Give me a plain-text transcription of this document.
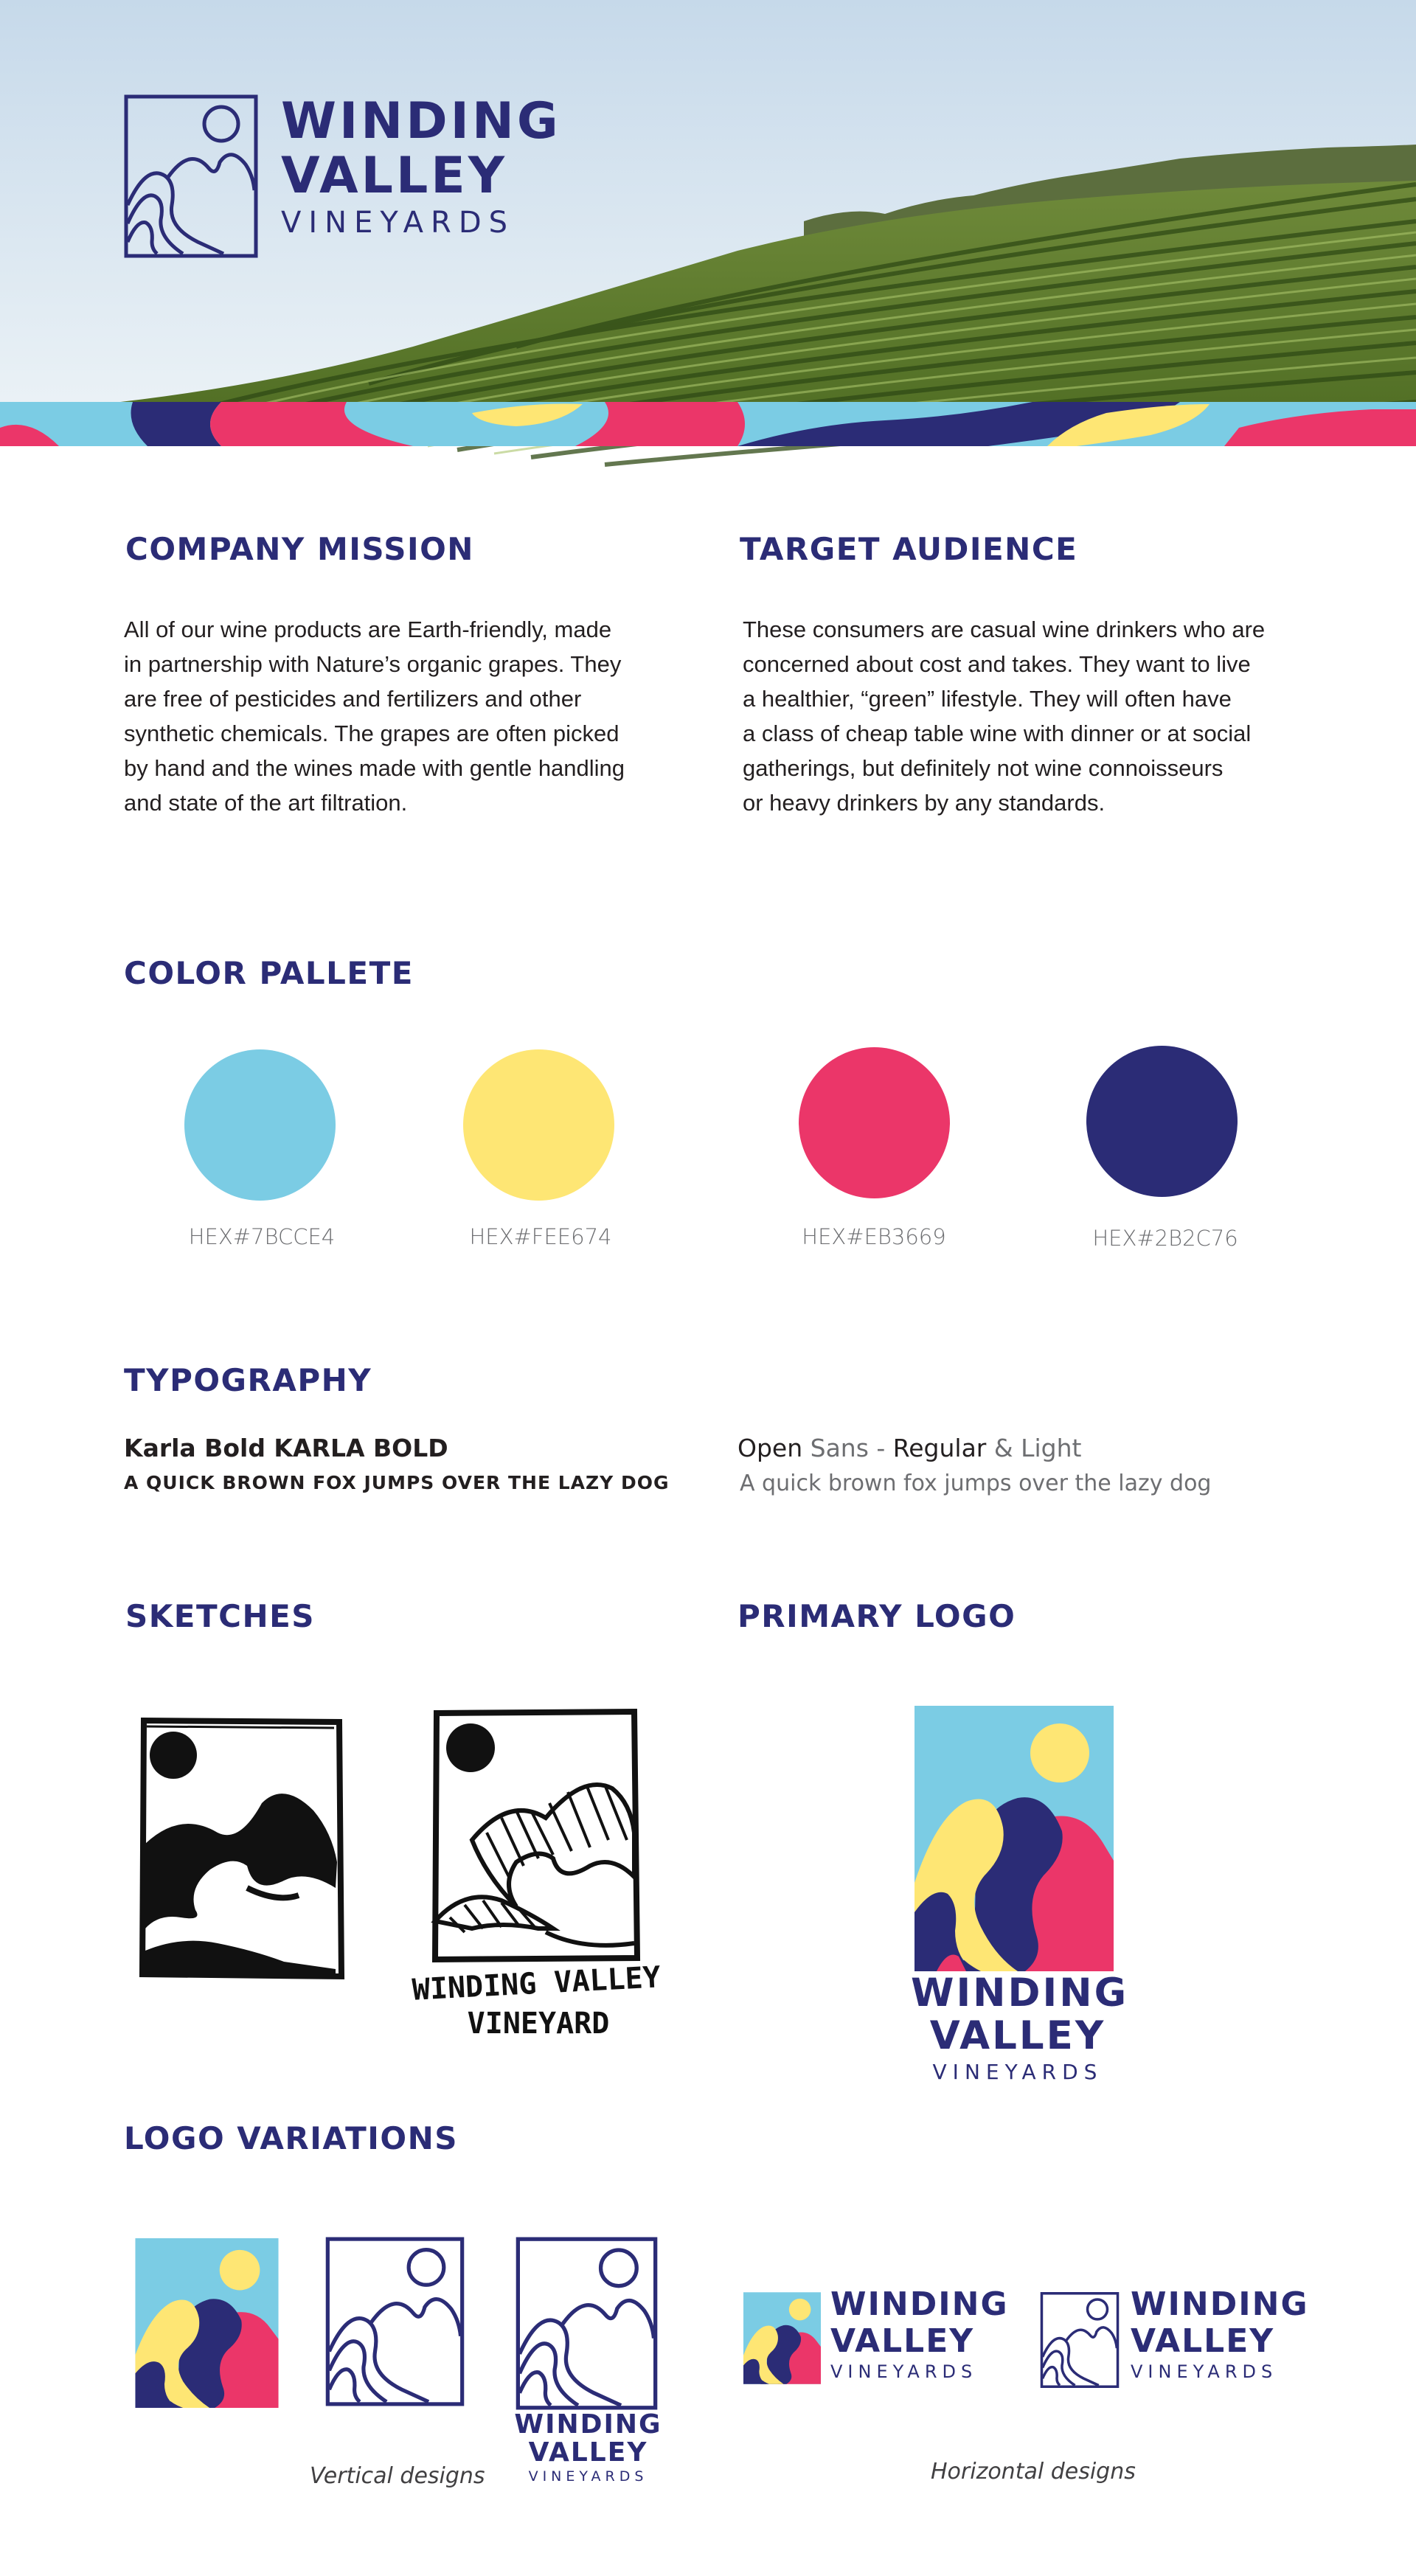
WINDING
VALLEY
VINEYARDS
COMPANY MISSION
All of our wine products are Earth-friendly, made
in partnership with Nature’s organic grapes. They
are free of pesticides and fertilizers and other
synthetic chemicals. The grapes are often picked
by hand and the wines made with gentle handling
and state of the art filtration.
TARGET AUDIENCE
These consumers are casual wine drinkers who are
concerned about cost and takes. They want to live
a healthier, “green” lifestyle. They will often have
a class of cheap table wine with dinner or at social
gatherings, but definitely not wine connoisseurs
or heavy drinkers by any standards.
COLOR PALLETE
HEX#7BCCE4	HEX#FEE674	HEX#EB3669	HEX#2B2C76
TYPOGRAPHY
Karla Bold KARLA BOLD
A QUICK BROWN FOX JUMPS OVER THE LAZY DOG
Open Sans - Regular & Light
A quick brown fox jumps over the lazy dog
SKETCHES
WINDING VALLEY
VINEYARD
PRIMARY LOGO
WINDING
VALLEY
VINEYARDS
LOGO VARIATIONS
WINDING
VALLEY
VINEYARDS
Vertical designs
WINDING
VALLEY
VINEYARDS
WINDING
VALLEY
VINEYARDS
Horizontal designs
